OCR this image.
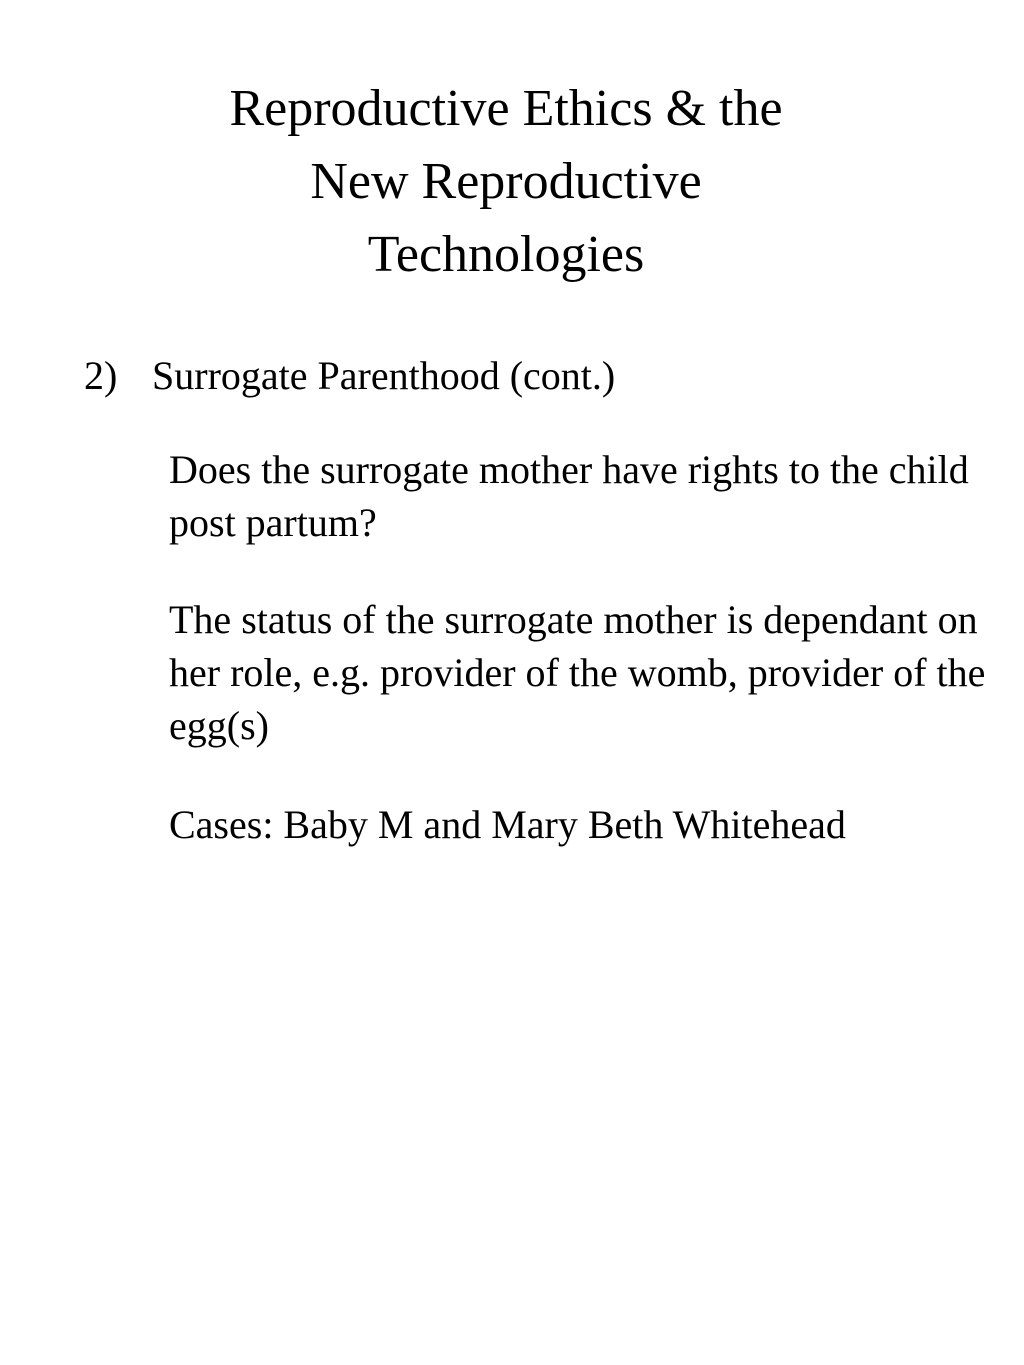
Reproductive Ethics & the
New Reproductive
Technologies
2) Surrogate Parenthood (cont.)

Does the surrogate mother have rights to the child post partum?

The status of the surrogate mother is dependant on her role, e.g. provider of the womb, provider of the egg(s)

Cases: Baby M and Mary Beth Whitehead
